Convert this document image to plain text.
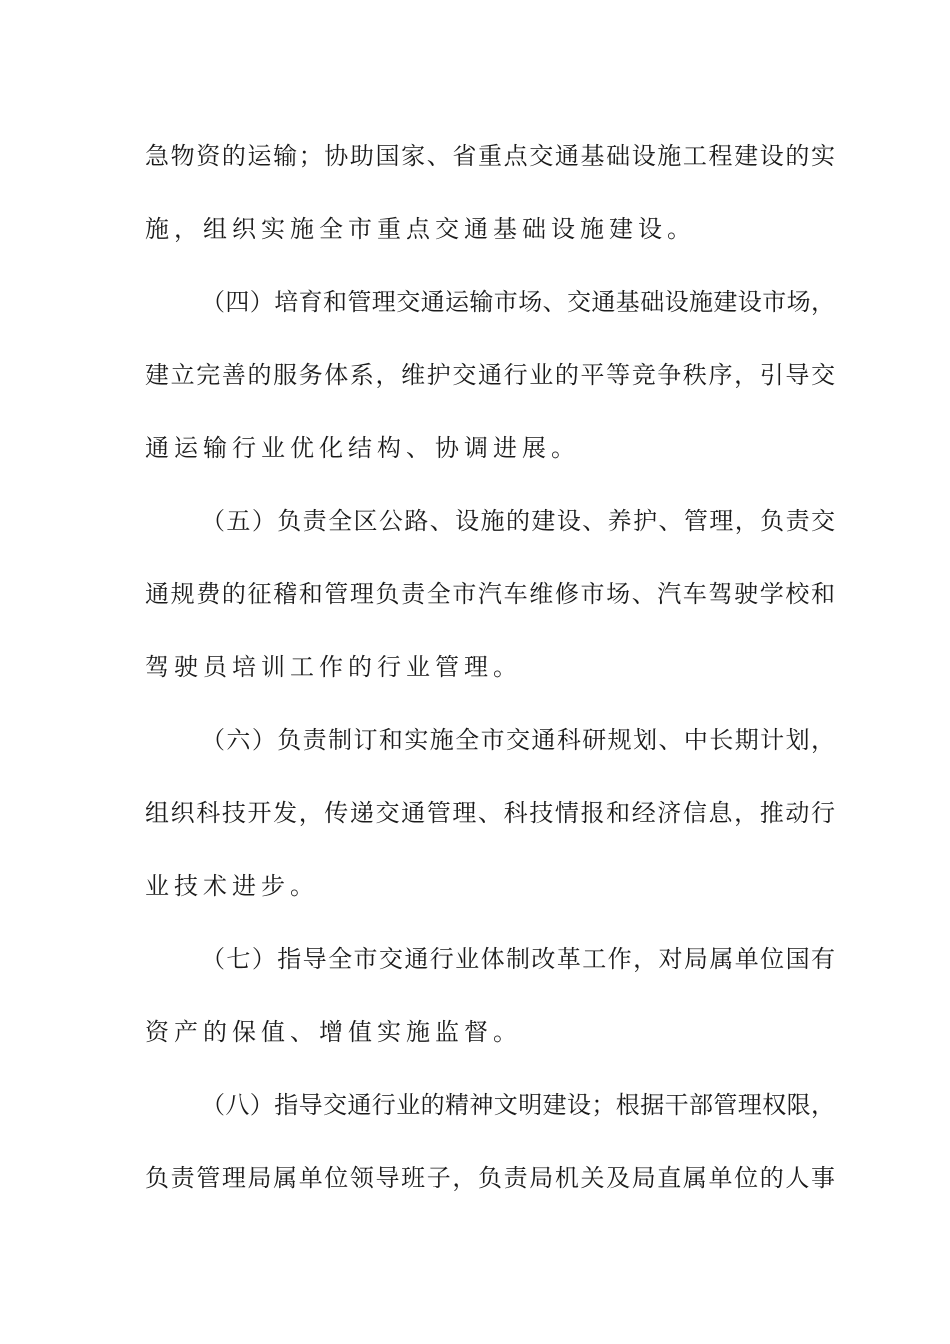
急物资的运输；协助国家、省重点交通基础设施工程建设的实
施，组织实施全市重点交通基础设施建设。
（四）培育和管理交通运输市场、交通基础设施建设市场，
建立完善的服务体系，维护交通行业的平等竞争秩序，引导交
通运输行业优化结构、协调进展。
（五）负责全区公路、设施的建设、养护、管理，负责交
通规费的征稽和管理负责全市汽车维修市场、汽车驾驶学校和
驾驶员培训工作的行业管理。
（六）负责制订和实施全市交通科研规划、中长期计划，
组织科技开发，传递交通管理、科技情报和经济信息，推动行
业技术进步。
（七）指导全市交通行业体制改革工作，对局属单位国有
资产的保值、增值实施监督。
（八）指导交通行业的精神文明建设；根据干部管理权限，
负责管理局属单位领导班子，负责局机关及局直属单位的人事
